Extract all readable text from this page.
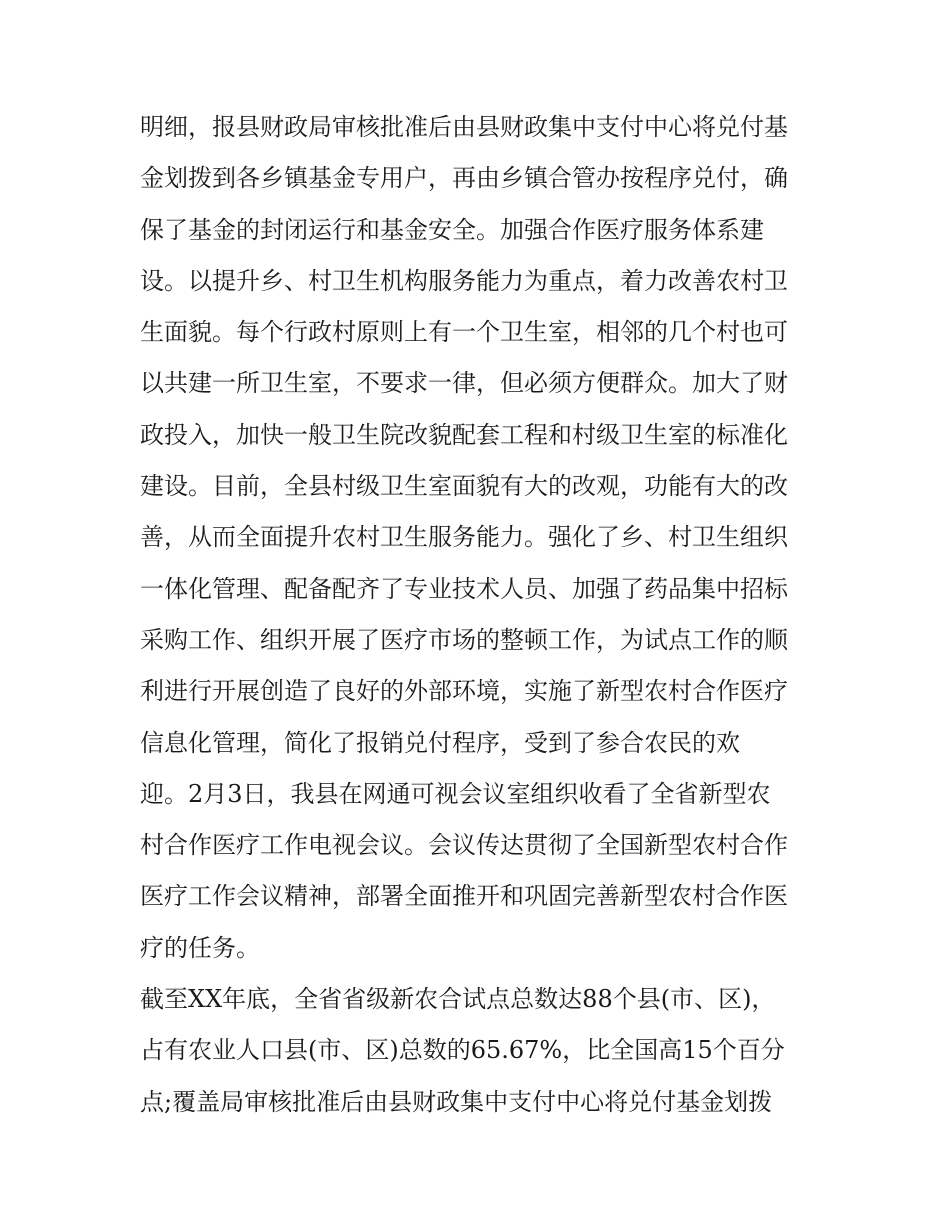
明细，报县财政局审核批准后由县财政集中支付中心将兑付基
金划拨到各乡镇基金专用户，再由乡镇合管办按程序兑付，确
保了基金的封闭运行和基金安全。加强合作医疗服务体系建
设。以提升乡、村卫生机构服务能力为重点，着力改善农村卫
生面貌。每个行政村原则上有一个卫生室，相邻的几个村也可
以共建一所卫生室，不要求一律，但必须方便群众。加大了财
政投入，加快一般卫生院改貌配套工程和村级卫生室的标准化
建设。目前，全县村级卫生室面貌有大的改观，功能有大的改
善，从而全面提升农村卫生服务能力。强化了乡、村卫生组织
一体化管理、配备配齐了专业技术人员、加强了药品集中招标
采购工作、组织开展了医疗市场的整顿工作，为试点工作的顺
利进行开展创造了良好的外部环境，实施了新型农村合作医疗
信息化管理，简化了报销兑付程序，受到了参合农民的欢
迎。2月3日，我县在网通可视会议室组织收看了全省新型农
村合作医疗工作电视会议。会议传达贯彻了全国新型农村合作
医疗工作会议精神，部署全面推开和巩固完善新型农村合作医
疗的任务。
截至XX年底，全省省级新农合试点总数达88个县(市、区)，
占有农业人口县(市、区)总数的65.67%，比全国高15个百分
点;覆盖局审核批准后由县财政集中支付中心将兑付基金划拨
